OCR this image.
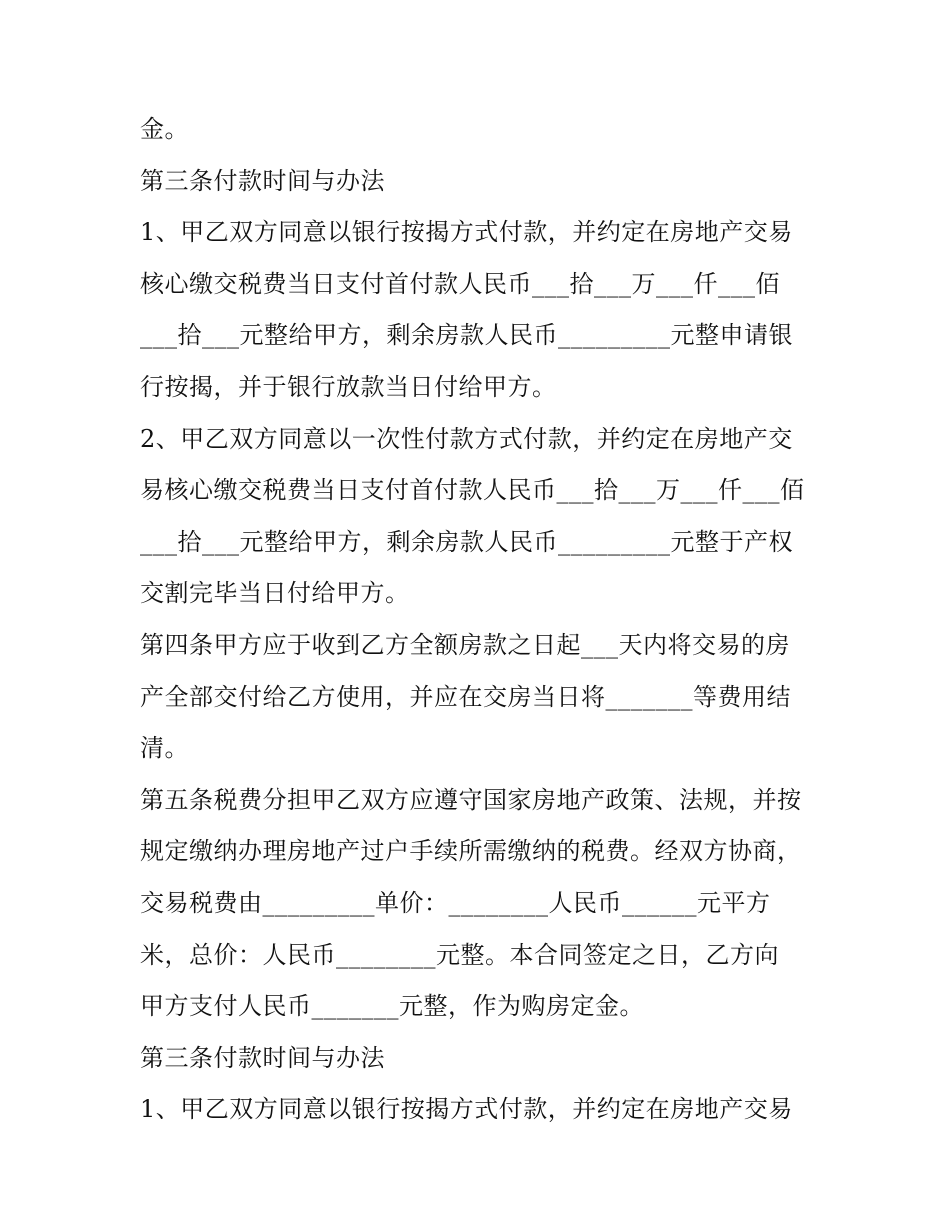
金。
第三条付款时间与办法
1、甲乙双方同意以银行按揭方式付款，并约定在房地产交易
核心缴交税费当日支付首付款人民币___拾___万___仟___佰
___拾___元整给甲方，剩余房款人民币_________元整申请银
行按揭，并于银行放款当日付给甲方。
2、甲乙双方同意以一次性付款方式付款，并约定在房地产交
易核心缴交税费当日支付首付款人民币___拾___万___仟___佰
___拾___元整给甲方，剩余房款人民币_________元整于产权
交割完毕当日付给甲方。
第四条甲方应于收到乙方全额房款之日起___天内将交易的房
产全部交付给乙方使用，并应在交房当日将_______等费用结
清。
第五条税费分担甲乙双方应遵守国家房地产政策、法规，并按
规定缴纳办理房地产过户手续所需缴纳的税费。经双方协商，
交易税费由_________单价：________人民币______元平方
米，总价：人民币________元整。本合同签定之日，乙方向
甲方支付人民币_______元整，作为购房定金。
第三条付款时间与办法
1、甲乙双方同意以银行按揭方式付款，并约定在房地产交易
